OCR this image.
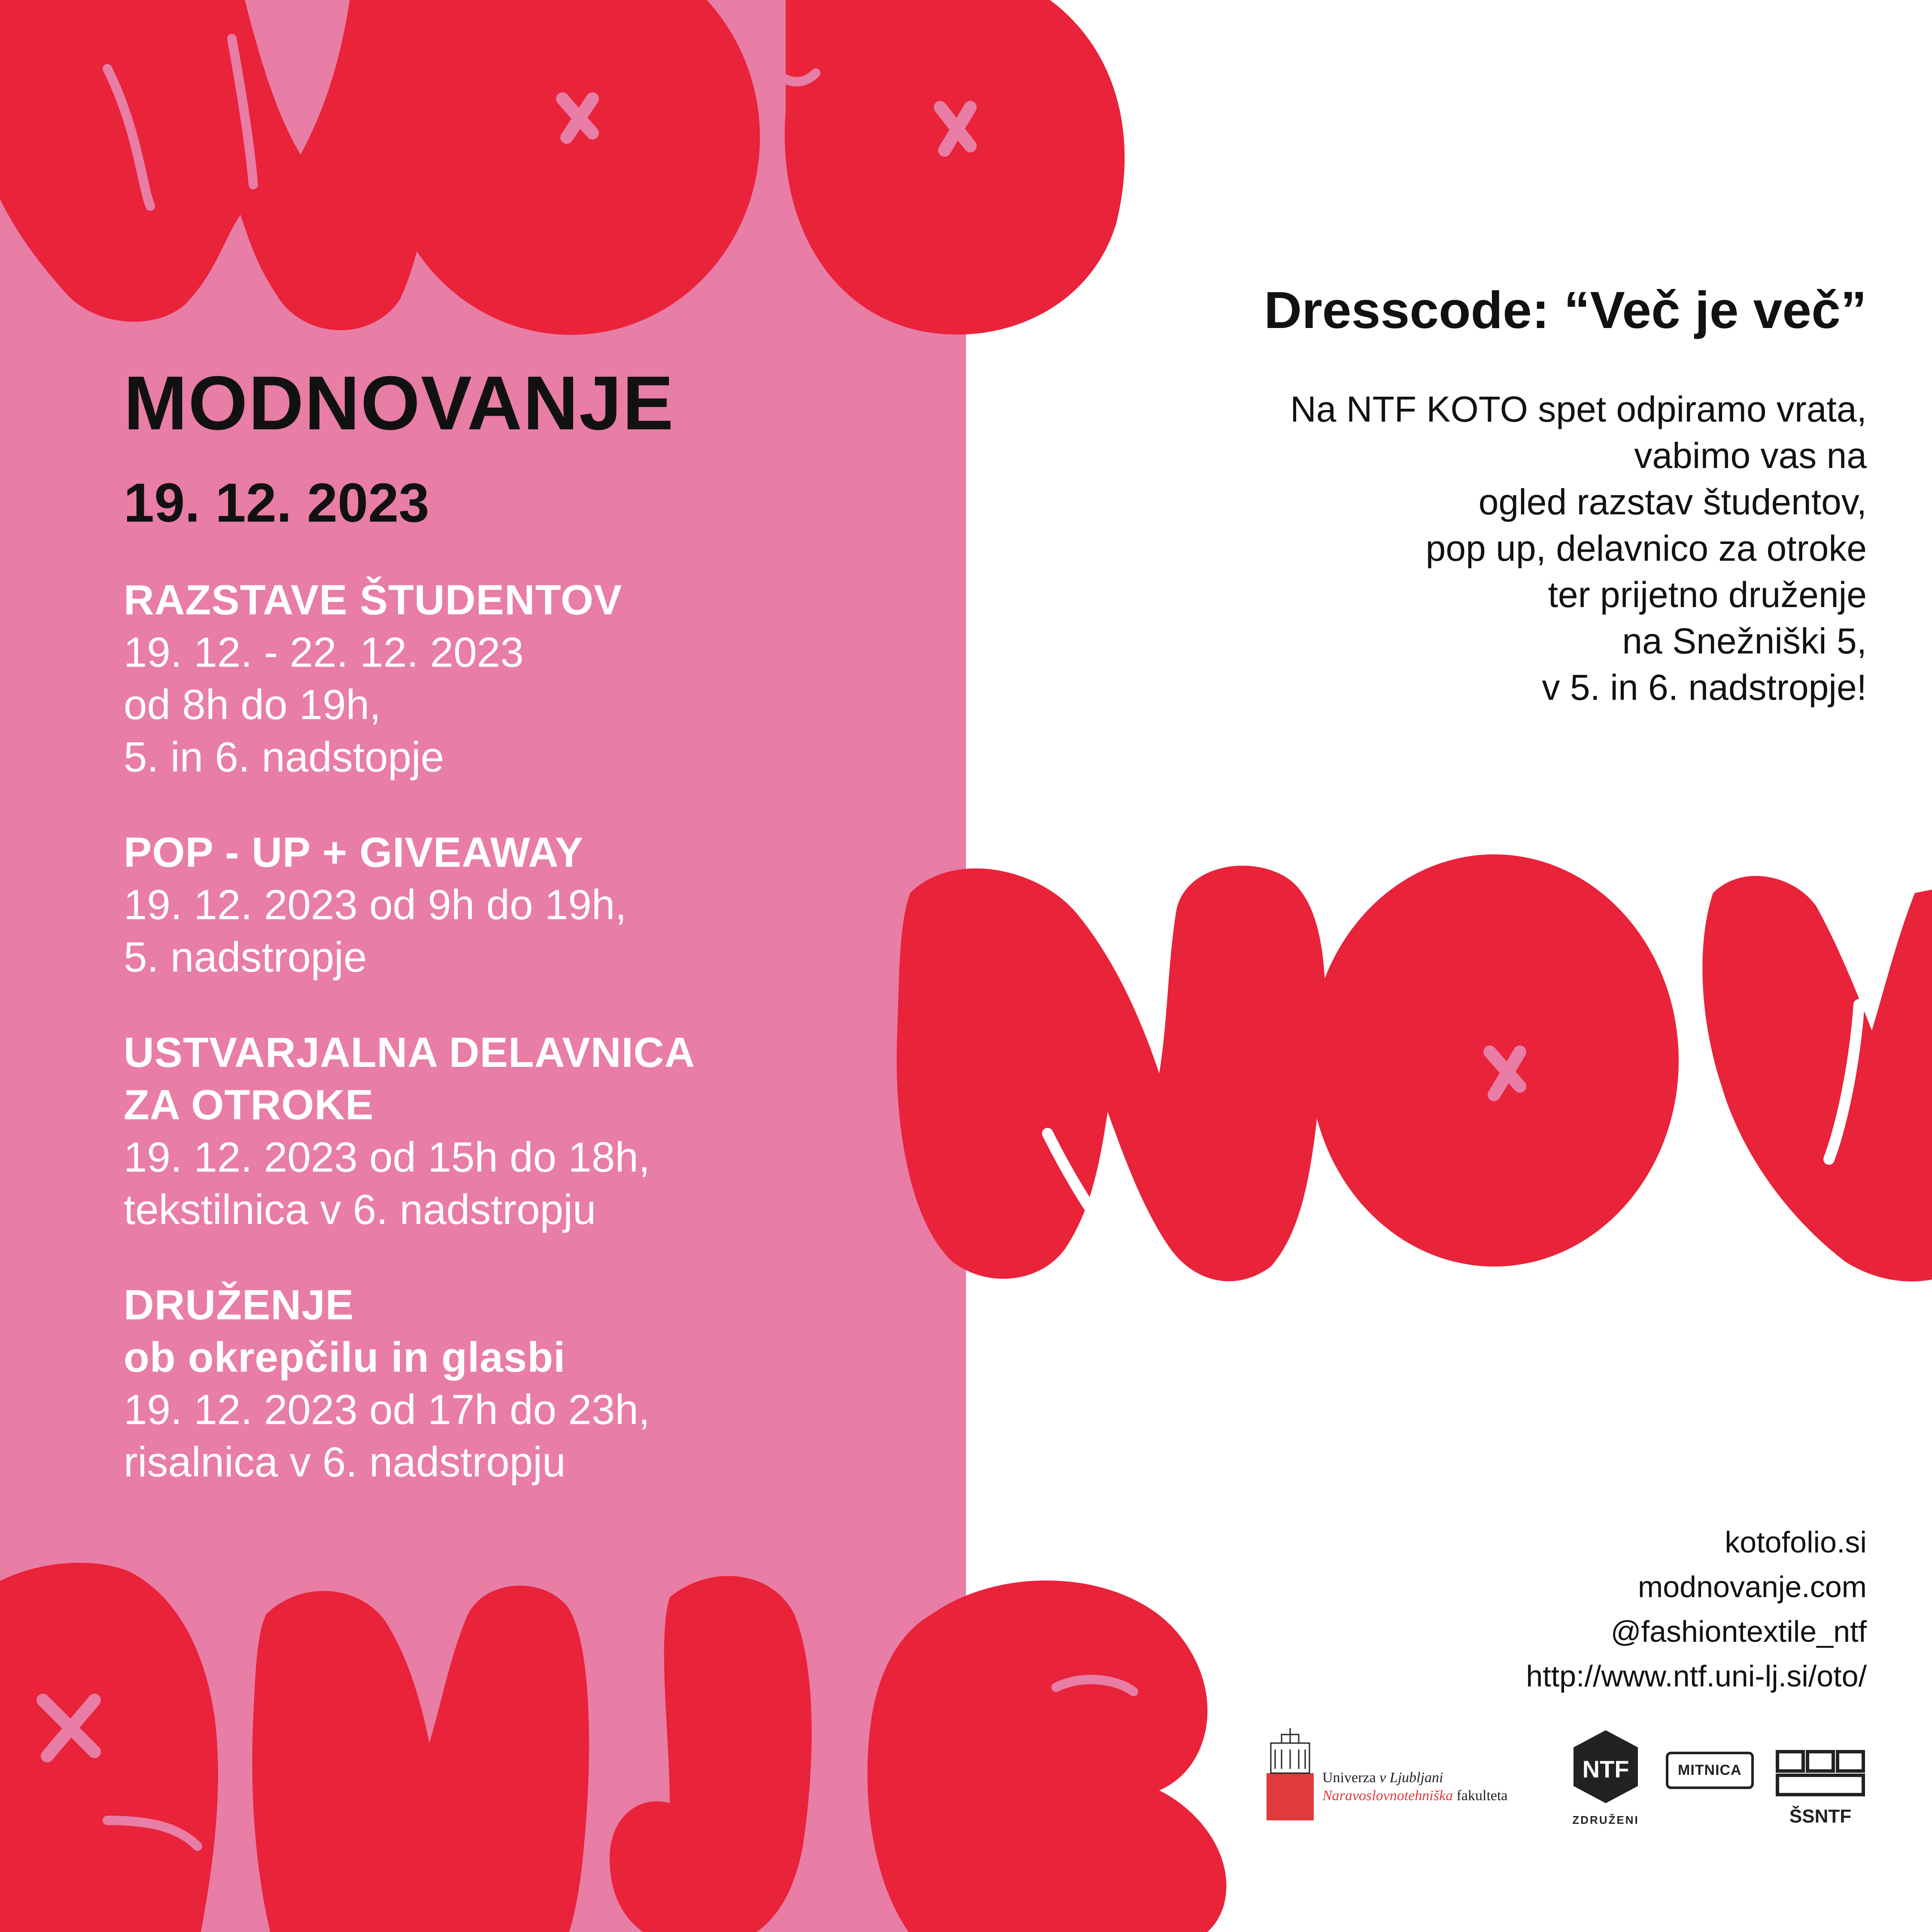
MODNOVANJE
19. 12. 2023
RAZSTAVE ŠTUDENTOV
19. 12. - 22. 12. 2023
od 8h do 19h,
5. in 6. nadstopje
POP - UP + GIVEAWAY
19. 12. 2023 od 9h do 19h,
5. nadstropje
USTVARJALNA DELAVNICA
ZA OTROKE
19. 12. 2023 od 15h do 18h,
tekstilnica v 6. nadstropju
DRUŽENJE
ob okrepčilu in glasbi
19. 12. 2023 od 17h do 23h,
risalnica v 6. nadstropju
Dresscode: “Več je več”
Na NTF KOTO spet odpiramo vrata,
vabimo vas na
ogled razstav študentov,
pop up, delavnico za otroke
ter prijetno druženje
na Snežniški 5,
v 5. in 6. nadstropje!
kotofolio.si
modnovanje.com
@fashiontextile_ntf
http://www.ntf.uni-lj.si/oto/
Univerza v Ljubljani
Naravoslovnotehniška fakulteta
NTF
ZDRUŽENI
MITNICA
ŠSNTF
